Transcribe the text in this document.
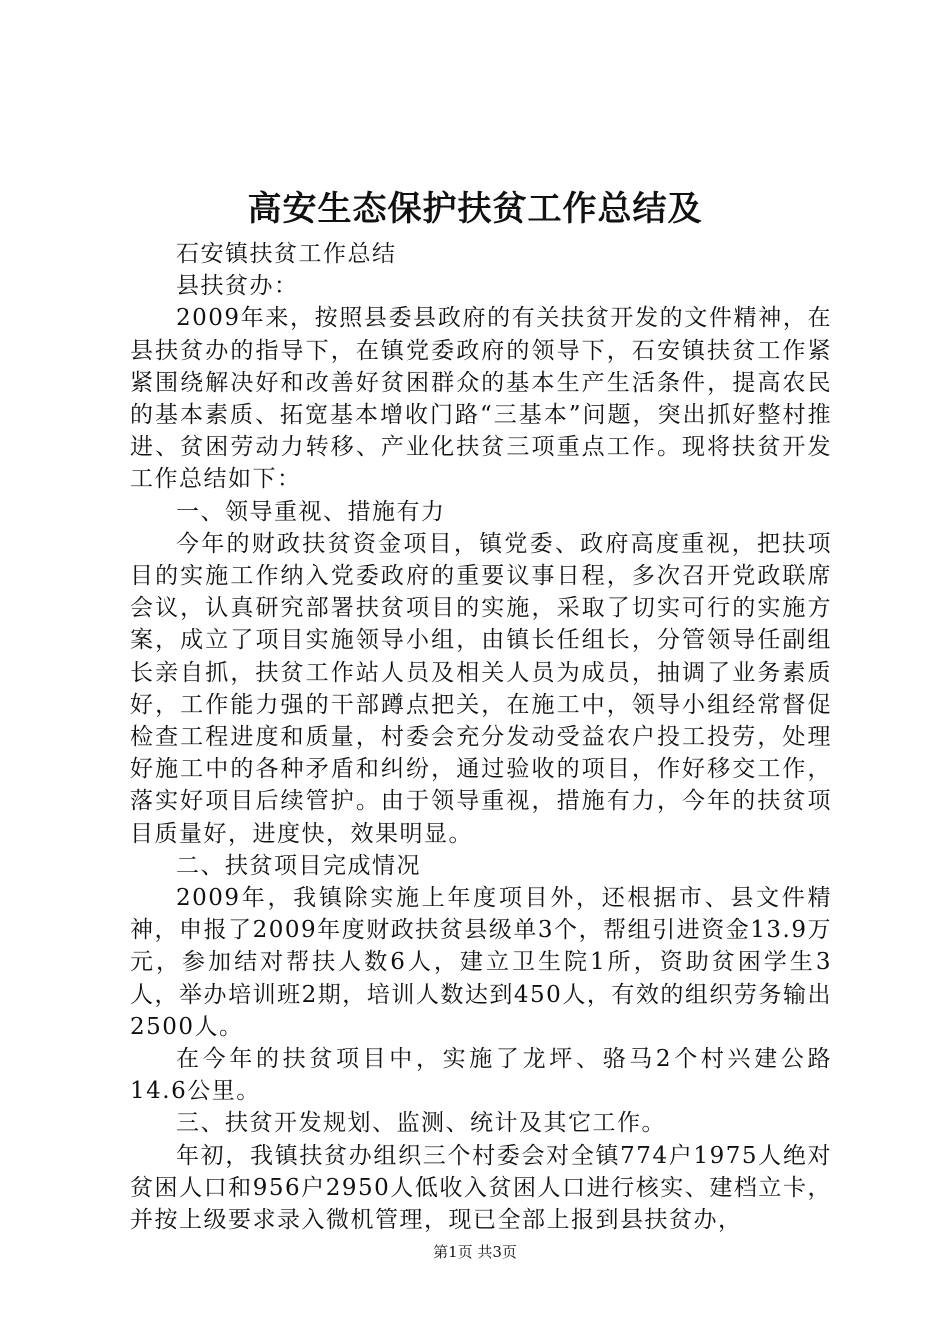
高安生态保护扶贫工作总结及

石安镇扶贫工作总结

县扶贫办：

2009年来，按照县委县政府的有关扶贫开发的文件精神，在县扶贫办的指导下，在镇党委政府的领导下，石安镇扶贫工作紧紧围绕解决好和改善好贫困群众的基本生产生活条件，提高农民的基本素质、拓宽基本增收门路“三基本”问题，突出抓好整村推进、贫困劳动力转移、产业化扶贫三项重点工作。现将扶贫开发工作总结如下：

一、领导重视、措施有力

今年的财政扶贫资金项目，镇党委、政府高度重视，把扶项目的实施工作纳入党委政府的重要议事日程，多次召开党政联席会议，认真研究部署扶贫项目的实施，采取了切实可行的实施方案，成立了项目实施领导小组，由镇长任组长，分管领导任副组长亲自抓，扶贫工作站人员及相关人员为成员，抽调了业务素质好，工作能力强的干部蹲点把关，在施工中，领导小组经常督促检查工程进度和质量，村委会充分发动受益农户投工投劳，处理好施工中的各种矛盾和纠纷，通过验收的项目，作好移交工作，落实好项目后续管护。由于领导重视，措施有力，今年的扶贫项目质量好，进度快，效果明显。

二、扶贫项目完成情况

2009年，我镇除实施上年度项目外，还根据市、县文件精神，申报了2009年度财政扶贫县级单3个，帮组引进资金13.9万元，参加结对帮扶人数6人，建立卫生院1所，资助贫困学生3人，举办培训班2期，培训人数达到450人，有效的组织劳务输出2500人。

在今年的扶贫项目中，实施了龙坪、骆马2个村兴建公路14.6公里。

三、扶贫开发规划、监测、统计及其它工作。

年初，我镇扶贫办组织三个村委会对全镇774户1975人绝对贫困人口和956户2950人低收入贫困人口进行核实、建档立卡，并按上级要求录入微机管理，现已全部上报到县扶贫办，

第1页 共3页
